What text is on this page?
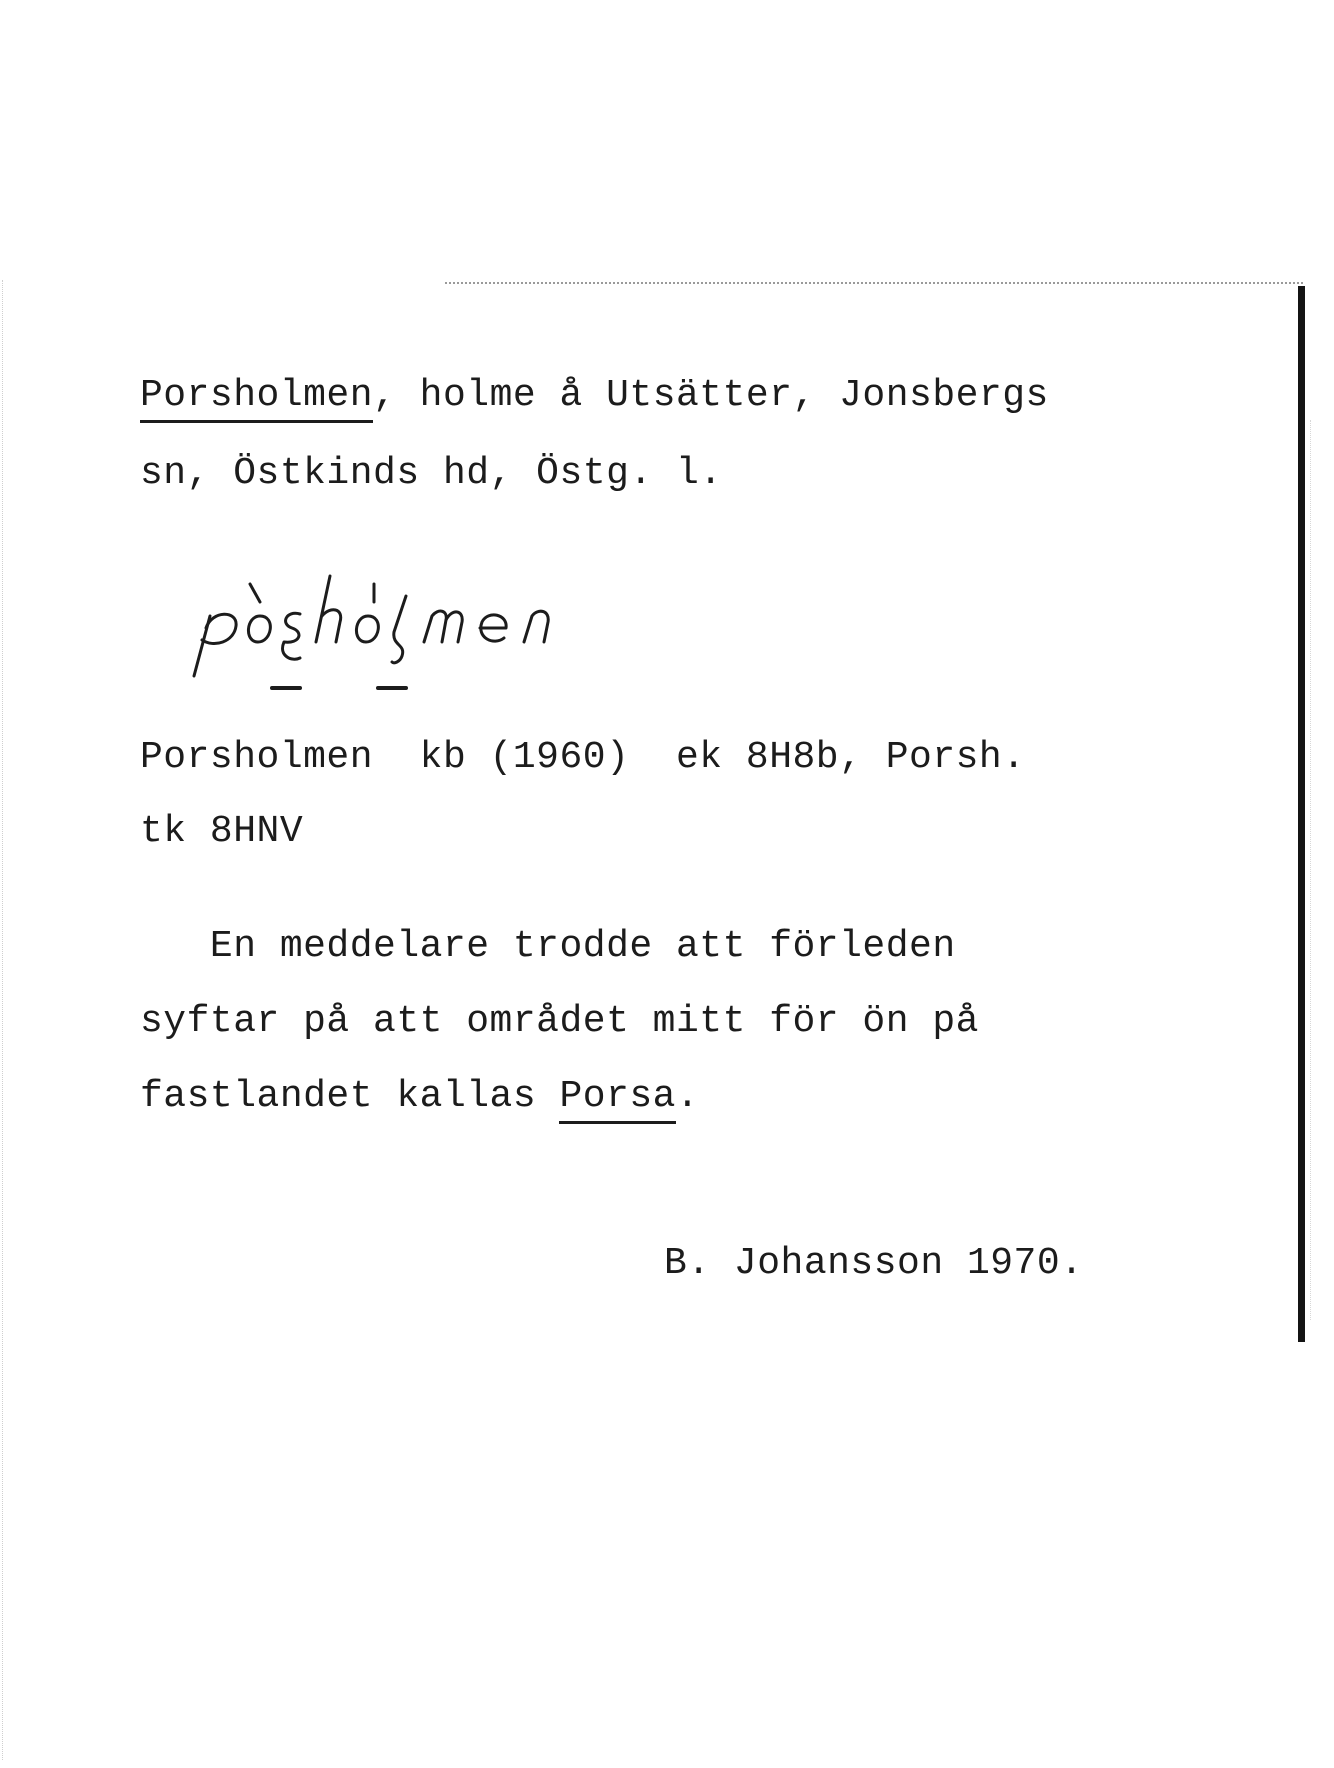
Porsholmen, holme å Utsätter, Jonsbergs
sn, Östkinds hd, Östg. l.
Porsholmen  kb (1960)  ek 8H8b, Porsh.
tk 8HNV
En meddelare trodde att förleden
syftar på att området mitt för ön på
fastlandet kallas Porsa.
B. Johansson 1970.
